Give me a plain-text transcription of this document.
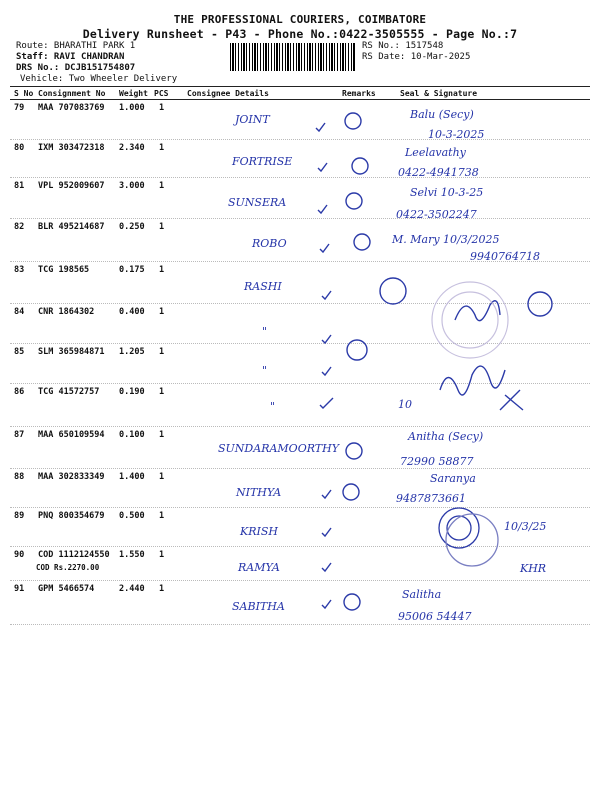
THE PROFESSIONAL COURIERS, COIMBATORE
Delivery Runsheet - P43 - Phone No.:0422-3505555 - Page No.:7
Route: BHARATHI PARK 1
Staff: RAVI CHANDRAN
DRS No.: DCJB151754807
Vehicle: Two Wheeler Delivery
RS No.: 1517548
RS Date: 10-Mar-2025
S No Consignment No Weight PCS Consignee Details	Remarks	Seal & Signature
79 MAA 707083769 1.000 1
JOINT	Balu (Secy)
10-3-2025
80 IXM 303472318 2.340 1
FORTRISE
Leelavathy
0422-4941738
81 VPL 952009607 3.000 1
SUNSERA
Selvi 10-3-25
0422-3502247
82 BLR 495214687 0.250 1
ROBO	M. Mary 10/3/2025
9940764718
83 TCG 198565	0.175 1
RASHI
84 CNR 1864302	0.400 1
"
85 SLM 365984871 1.205 1
"
86 TCG 41572757 0.190 1
"	10
87 MAA 650109594 0.100 1
SUNDARAMOORTHY
Anitha (Secy)
72990 58877
88 MAA 302833349 1.400 1
NITHYA
Saranya
9487873661
89 PNQ 800354679 0.500 1
KRISH	10/3/25
90 COD 1112124550 1.550 1
RAMYA	KHR
COD Rs.2270.00
91 GPM 5466574	2.440 1
SABITHA
Salitha
95006 54447
